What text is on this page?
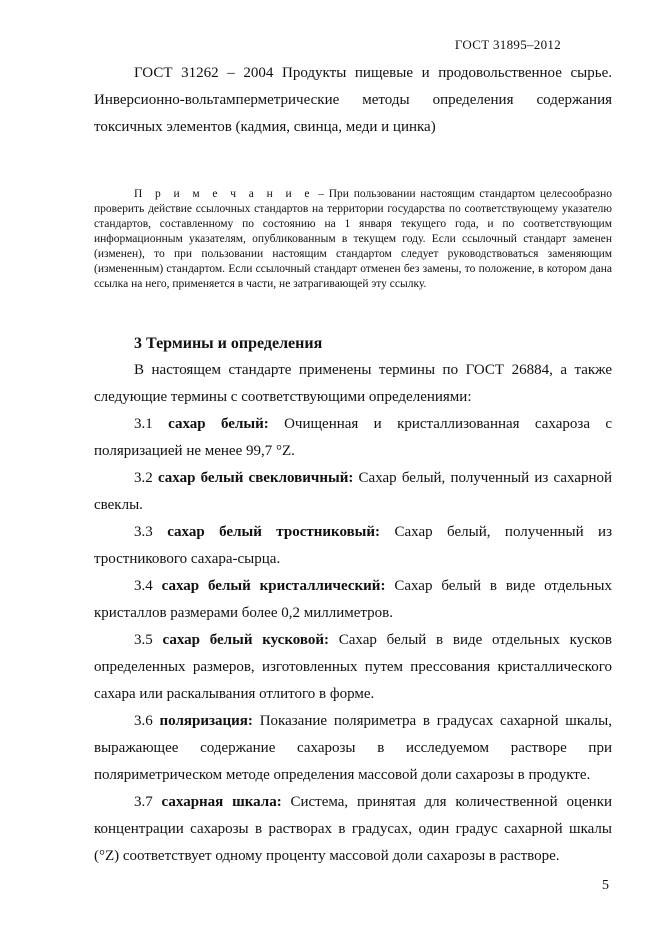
ГОСТ 31895–2012

ГОСТ 31262 – 2004 Продукты пищевые и продовольственное сырье. Инверсионно-вольтамперметрические методы определения содержания токсичных элементов (кадмия, свинца, меди и цинка)

П р и м е ч а н и е – При пользовании настоящим стандартом целесообразно проверить действие ссылочных стандартов на территории государства по соответствующему указателю стандартов, составленному по состоянию на 1 января текущего года, и по соответствующим информационным указателям, опубликованным в текущем году. Если ссылочный стандарт заменен (изменен), то при пользовании настоящим стандартом следует руководствоваться заменяющим (измененным) стандартом. Если ссылочный стандарт отменен без замены, то положение, в котором дана ссылка на него, применяется в части, не затрагивающей эту ссылку.

3 Термины и определения

В настоящем стандарте применены термины по ГОСТ 26884, а также следующие термины с соответствующими определениями:

3.1 сахар белый: Очищенная и кристаллизованная сахароза с поляризацией не менее 99,7 °Z.

3.2 сахар белый свекловичный: Сахар белый, полученный из сахарной свеклы.

3.3 сахар белый тростниковый: Сахар белый, полученный из тростникового сахара-сырца.

3.4 сахар белый кристаллический: Сахар белый в виде отдельных кристаллов размерами более 0,2 миллиметров.

3.5 сахар белый кусковой: Сахар белый в виде отдельных кусков определенных размеров, изготовленных путем прессования кристаллического сахара или раскалывания отлитого в форме.

3.6 поляризация: Показание поляриметра в градусах сахарной шкалы, выражающее содержание сахарозы в исследуемом растворе при поляриметрическом методе определения массовой доли сахарозы в продукте.

3.7 сахарная шкала: Система, принятая для количественной оценки концентрации сахарозы в растворах в градусах, один градус сахарной шкалы (°Z) соответствует одному проценту массовой доли сахарозы в растворе.

5
